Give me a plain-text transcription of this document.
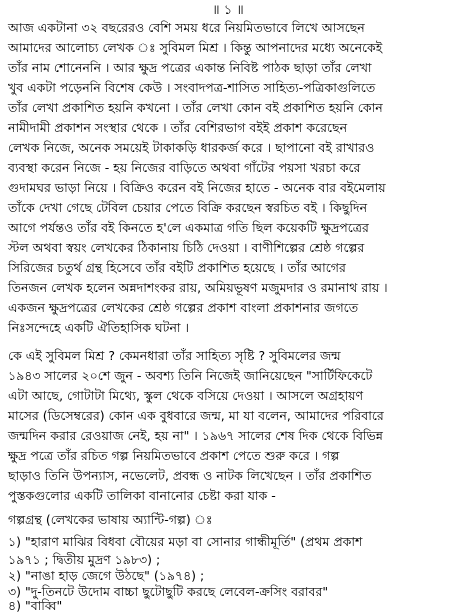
॥ ১ ॥
আজ একটানা ৩২ বছরেরও বেশি সময় ধরে নিয়মিতভাবে লিখে আসছেন
আমাদের আলোচ্য লেখক ঃ সুবিমল মিশ্র । কিন্তু আপনাদের মধ্যে অনেকেই
তাঁর নাম শোনেননি । আর ক্ষুদ্র পত্রের একান্ত নিবিষ্ট পাঠক ছাড়া তাঁর লেখা
খুব একটা পড়েননি বিশেষ কেউ । সংবাদপত্র-শাসিত সাহিত্য-পত্রিকাগুলিতে
তাঁর লেখা প্রকাশিত হয়নি কখনো । তাঁর লেখা কোন বই প্রকাশিত হয়নি কোন
নামীদামী প্রকাশন সংস্থার থেকে । তাঁর বেশিরভাগ বইই প্রকাশ করেছেন
লেখক নিজে, অনেক সময়েই টাকাকড়ি ধারকর্জ করে । ছাপানো বই রাখারও
ব্যবস্থা করেন নিজে - হয় নিজের বাড়িতে অথবা গাঁটের পয়সা খরচা করে
গুদামঘর ভাড়া নিয়ে । বিক্রিও করেন বই নিজের হাতে - অনেক বার বইমেলায়
তাঁকে দেখা গেছে টেবিল চেয়ার পেতে বিক্রি করছেন স্বরচিত বই । কিছুদিন
আগে পর্যন্তও তাঁর বই কিনতে হ'লে একমাত্র গতি ছিল কয়েকটি ক্ষুদ্রপত্রের
স্টল অথবা স্বয়ং লেখকের ঠিকানায় চিঠি দেওয়া । বাণীশিল্পের শ্রেষ্ঠ গল্পের
সিরিজের চতুর্থ গ্রন্থ হিসেবে তাঁর বইটি প্রকাশিত হয়েছে । তাঁর আগের
তিনজন লেখক হলেন অন্নদাশংকর রায়, অমিয়ভূষণ মজুমদার ও রমানাথ রায় ।
একজন ক্ষুদ্রপত্রের লেখকের শ্রেষ্ঠ গল্পের প্রকাশ বাংলা প্রকাশনার জগতে
নিঃসন্দেহে একটি ঐতিহাসিক ঘটনা ।
কে এই সুবিমল মিশ্র ? কেমনধারা তাঁর সাহিত্য সৃষ্টি ? সুবিমলের জন্ম
১৯৪৩ সালের ২০শে জুন - অবশ্য তিনি নিজেই জানিয়েছেন "সার্টিফিকেটে
এটা আছে, গোটাটা মিথ্যে, স্কুল থেকে বসিয়ে দেওয়া । আসলে অগ্রহায়ণ
মাসের (ডিসেম্বরের) কোন এক বুধবারে জন্ম, মা যা বলেন, আমাদের পরিবারে
জন্মদিন করার রেওয়াজ নেই, হয় না" । ১৯৬৭ সালের শেষ দিক থেকে বিভিন্ন
ক্ষুদ্র পত্রে তাঁর রচিত গল্প নিয়মিতভাবে প্রকাশ পেতে শুরু করে । গল্প
ছাড়াও তিনি উপন্যাস, নভেলেট, প্রবন্ধ ও নাটক লিখেছেন । তাঁর প্রকাশিত
পুস্তকগুলোর একটি তালিকা বানানোর চেষ্টা করা যাক -
গল্পগ্রন্থ (লেখকের ভাষায় অ্যান্টি-গল্প) ঃ
১) "হারাণ মাঝির বিধবা বৌয়ের মড়া বা সোনার গান্ধীমূর্তি" (প্রথম প্রকাশ
১৯৭১ ; দ্বিতীয় মুদ্রণ ১৯৮৩) ;
২) "নাঙা হাড় জেগে উঠছে" (১৯৭৪) ;
৩) "দু-তিনটে উদোম বাচ্চা ছুটোছুটি করছে লেবেল-ক্রসিং বরাবর"
৪) "বাব্বি"
